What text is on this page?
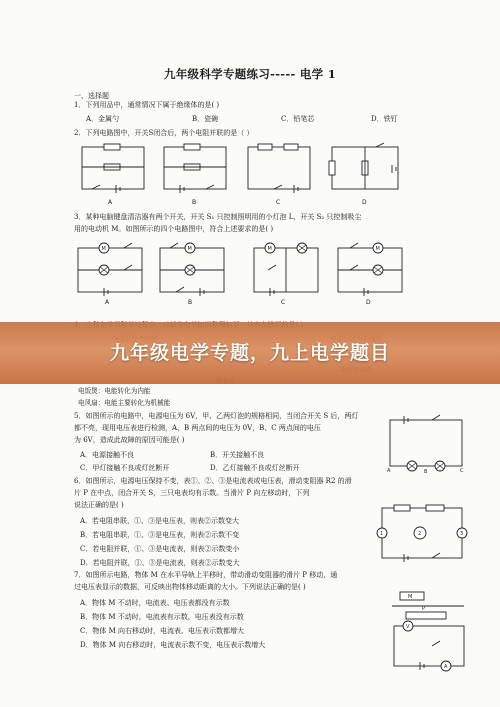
九年级科学专题练习----- 电学 1
一、选择题
1．下列用品中，通常情况下属于绝缘体的是( )
A．金属勺	B．瓷碗	C．铅笔芯	D．铁钉
2．下列电路图中，开关S闭合后，两个电阻并联的是（ ）
A	B	C	D
3．某种电脑键盘清洁器有两个开关，开关 S₁ 只控制照明用的小灯泡 L，开关 S₂ 只控制吸尘
用的电动机 M。如图所示的四个电路图中，符合上述要求的是( )
M	M	M	M
A	B	C	D
九年级电学专题，九上电学题目
电饭煲：电能转化为内能
电风扇：电能主要转化为机械能
5．如图所示的电路中，电源电压为 6V，甲、乙两灯泡的规格相同，当闭合开关 S 后，两灯
都不亮，现用电压表进行检测，A、B 两点间的电压为 0V，B、C 两点间的电压
为 6V，造成此故障的原因可能是( )
A．电源接触不良	B．开关接触不良
C．甲灯接触不良或灯丝断开	D．乙灯接触不良或灯丝断开	A	B	C
6．如图所示，电源电压保持不变，表①、②、③是电流表或电压表，滑动变阻器 R2 的滑
片 P 在中点，闭合开关 S，三只电表均有示数。当滑片 P 向左移动时，下列
说法正确的是( )
A．若电阻串联，①、③是电压表，则表②示数变大
B．若电阻串联，①、③是电压表，则表②示数不变
C．若电阻并联，①、③是电流表，则表②示数变小
D．若电阻并联，①、③是电流表，则表②示数变大
2
1	3
7．如图所示电路，物体 M 在水平导轨上平移时，带动滑动变阻器的滑片 P 移动，通
过电压表显示的数据，可反映出物体移动距离的大小。下列说法正确的是( )
A．物体 M 不动时，电流表、电压表都没有示数
B．物体 M 不动时，电流表有示数，电压表没有示数
C．物体 M 向右移动时，电流表、电压表示数都增大
D．物体 M 向右移动时，电流表示数不变，电压表示数增大
M
P
V
A
